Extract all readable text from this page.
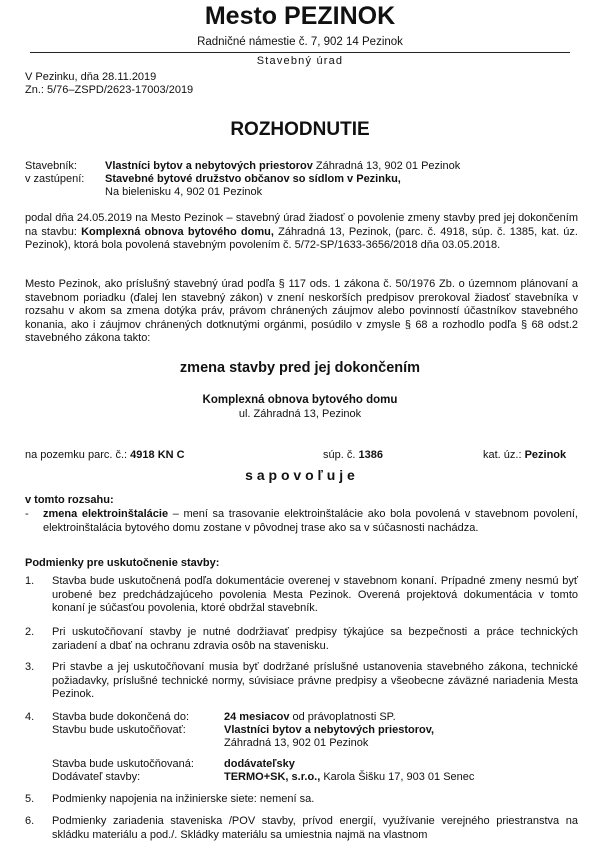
Mesto PEZINOK
Radničné námestie č. 7, 902 14 Pezinok
Stavebný úrad
V Pezinku, dňa 28.11.2019
Zn.: 5/76–ZSPD/2623-17003/2019
ROZHODNUTIE
Stavebník:	Vlastníci bytov a nebytových priestorov Záhradná 13, 902 01 Pezinok
v zastúpení: Stavebné bytové družstvo občanov so sídlom v Pezinku,
Na bielenisku 4, 902 01 Pezinok
podal dňa 24.05.2019 na Mesto Pezinok – stavebný úrad žiadosť o povolenie zmeny stavby pred jej dokončením na stavbu: Komplexná obnova bytového domu, Záhradná 13, Pezinok, (parc. č. 4918, súp. č. 1385, kat. úz. Pezinok), ktorá bola povolená stavebným povolením č. 5/72-SP/1633-3656/2018 dňa 03.05.2018.
Mesto Pezinok, ako príslušný stavebný úrad podľa § 117 ods. 1 zákona č. 50/1976 Zb. o územnom plánovaní a stavebnom poriadku (ďalej len stavebný zákon) v znení neskorších predpisov prerokoval žiadosť stavebníka v rozsahu v akom sa zmena dotýka práv, právom chránených záujmov alebo povinností účastníkov stavebného konania, ako i záujmov chránených dotknutými orgánmi, posúdilo v zmysle § 68 a rozhodlo podľa § 68 odst.2 stavebného zákona takto:
zmena stavby pred jej dokončením
Komplexná obnova bytového domu
ul. Záhradná 13, Pezinok
na pozemku parc. č.: 4918 KN C	súp. č. 1386	kat. úz.: Pezinok
s a p o v o ľ u j e
v tomto rozsahu:
-	zmena elektroinštalácie – mení sa trasovanie elektroinštalácie ako bola povolená v stavebnom povolení, elektroinštalácia bytového domu zostane v pôvodnej trase ako sa v súčasnosti nachádza.
Podmienky pre uskutočnenie stavby:
1.	Stavba bude uskutočnená podľa dokumentácie overenej v stavebnom konaní. Prípadné zmeny nesmú byť urobené bez predchádzajúceho povolenia Mesta Pezinok. Overená projektová dokumentácia v tomto konaní je súčasťou povolenia, ktoré obdržal stavebník.
2.	Pri uskutočňovaní stavby je nutné dodržiavať predpisy týkajúce sa bezpečnosti a práce technických zariadení a dbať na ochranu zdravia osôb na stavenisku.
3.	Pri stavbe a jej uskutočňovaní musia byť dodržané príslušné ustanovenia stavebného zákona, technické požiadavky, príslušné technické normy, súvisiace právne predpisy a všeobecne záväzné nariadenia Mesta Pezinok.
4.	Stavba bude dokončená do:	24 mesiacov od právoplatnosti SP.
Stavbu bude uskutočňovať:	Vlastníci bytov a nebytových priestorov,
Záhradná 13, 902 01 Pezinok
Stavba bude uskutočňovaná:	dodávateľsky
Dodávateľ stavby:	TERMO+SK, s.r.o., Karola Šišku 17, 903 01 Senec
5.	Podmienky napojenia na inžinierske siete: nemení sa.
6.	Podmienky zariadenia staveniska /POV stavby, prívod energií, využívanie verejného priestranstva na skládku materiálu a pod./. Skládky materiálu sa umiestnia najmä na vlastnom
